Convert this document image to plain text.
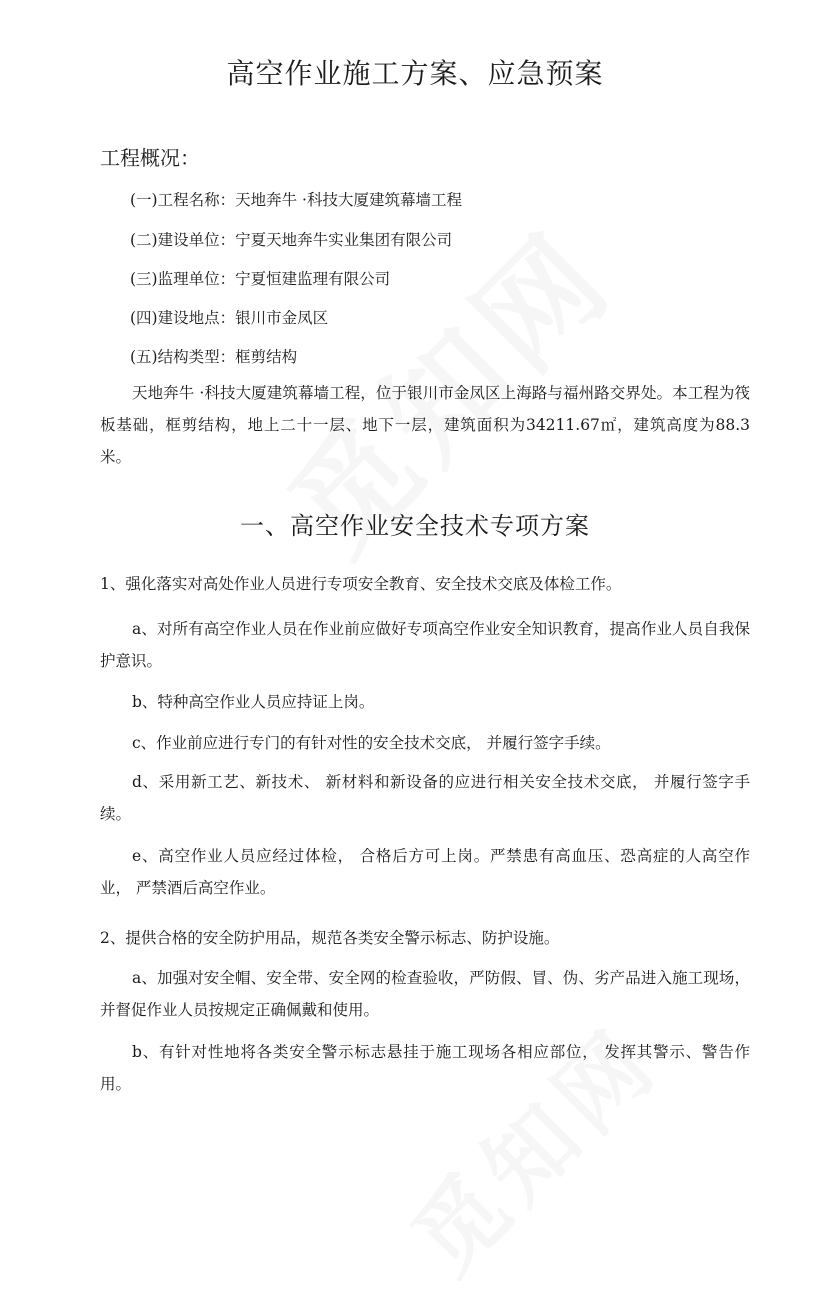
高空作业施工方案、应急预案
工程概况：

(一)工程名称：天地奔牛 ·科技大厦建筑幕墙工程

(二)建设单位：宁夏天地奔牛实业集团有限公司

(三)监理单位：宁夏恒建监理有限公司

(四)建设地点：银川市金凤区

(五)结构类型：框剪结构

天地奔牛 ·科技大厦建筑幕墙工程，位于银川市金凤区上海路与福州路交界处。本工程为筏板基础，框剪结构，地上二十一层、地下一层，建筑面积为34211.67㎡，建筑高度为88.3米。

一、高空作业安全技术专项方案

1、强化落实对高处作业人员进行专项安全教育、安全技术交底及体检工作。

a、对所有高空作业人员在作业前应做好专项高空作业安全知识教育，提高作业人员自我保护意识。

b、特种高空作业人员应持证上岗。

c、作业前应进行专门的有针对性的安全技术交底， 并履行签字手续。

d、采用新工艺、新技术、 新材料和新设备的应进行相关安全技术交底， 并履行签字手续。

e、高空作业人员应经过体检， 合格后方可上岗。严禁患有高血压、恐高症的人高空作业， 严禁酒后高空作业。

2、提供合格的安全防护用品，规范各类安全警示标志、防护设施。

a、加强对安全帽、安全带、安全网的检查验收，严防假、冒、伪、劣产品进入施工现场，并督促作业人员按规定正确佩戴和使用。

b、有针对性地将各类安全警示标志悬挂于施工现场各相应部位， 发挥其警示、警告作用。
